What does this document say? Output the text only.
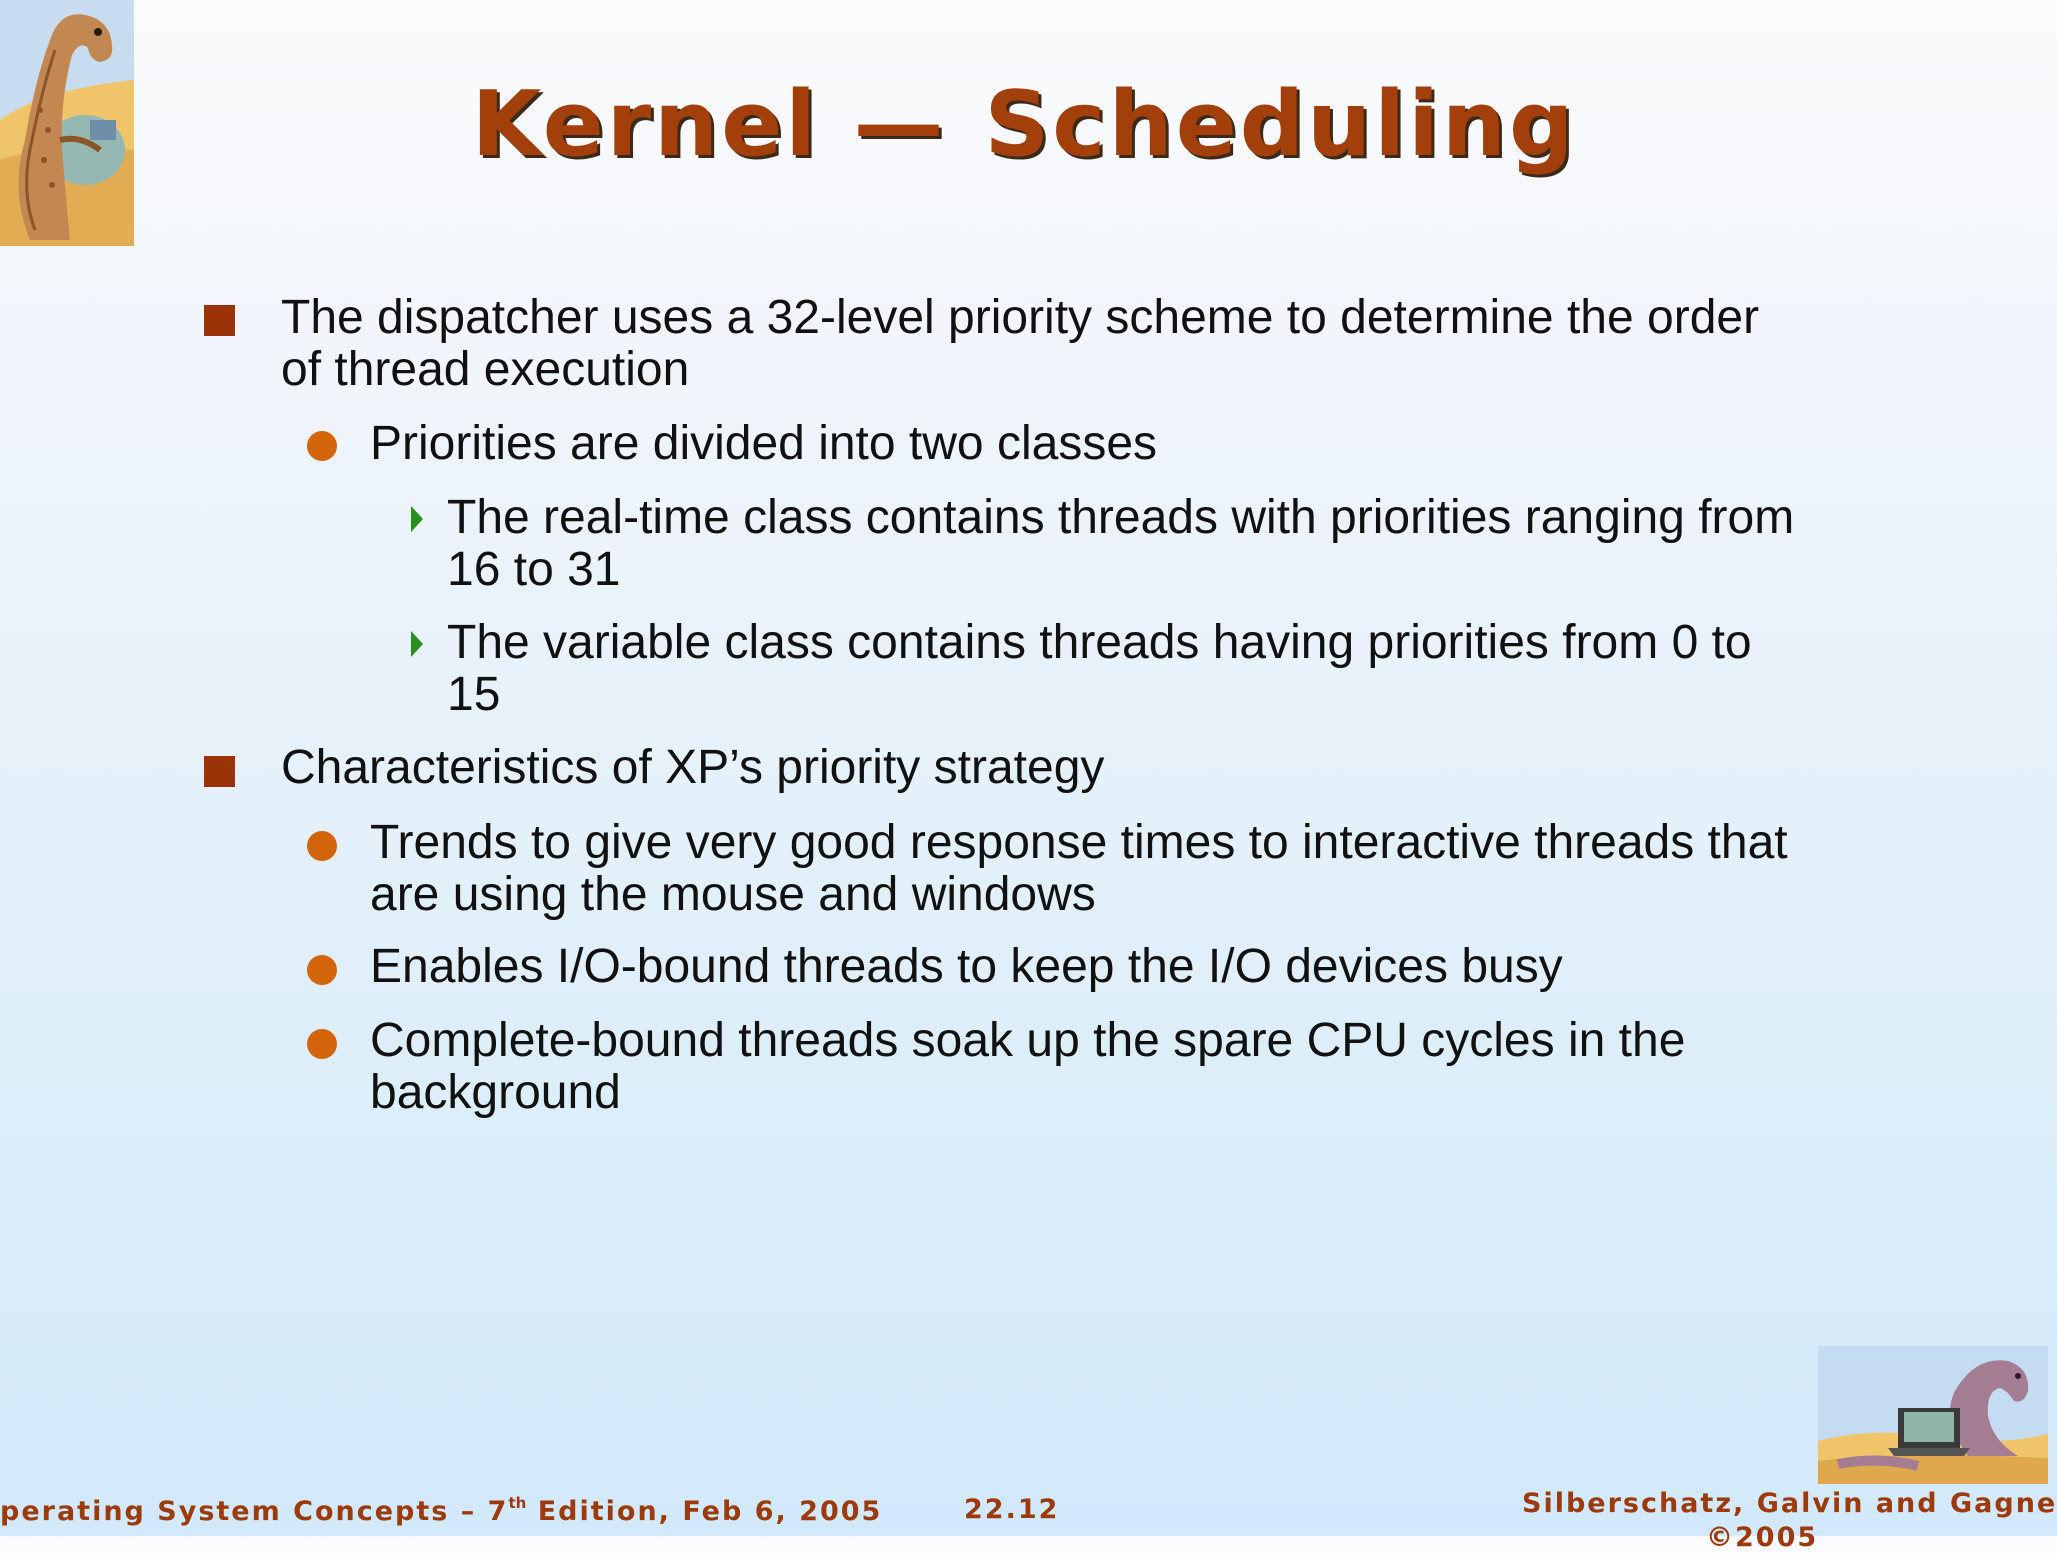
Kernel — Scheduling
The dispatcher uses a 32-level priority scheme to determine the order of thread execution
Priorities are divided into two classes
The real-time class contains threads with priorities ranging from 16 to 31
The variable class contains threads having priorities from 0 to 15
Characteristics of XP’s priority strategy
Trends to give very good response times to interactive threads that are using the mouse and windows
Enables I/O-bound threads to keep the I/O devices busy
Complete-bound threads soak up the spare CPU cycles in the background
perating System Concepts – 7th Edition, Feb 6, 2005	22.12	Silberschatz, Galvin and Gagne
©2005
